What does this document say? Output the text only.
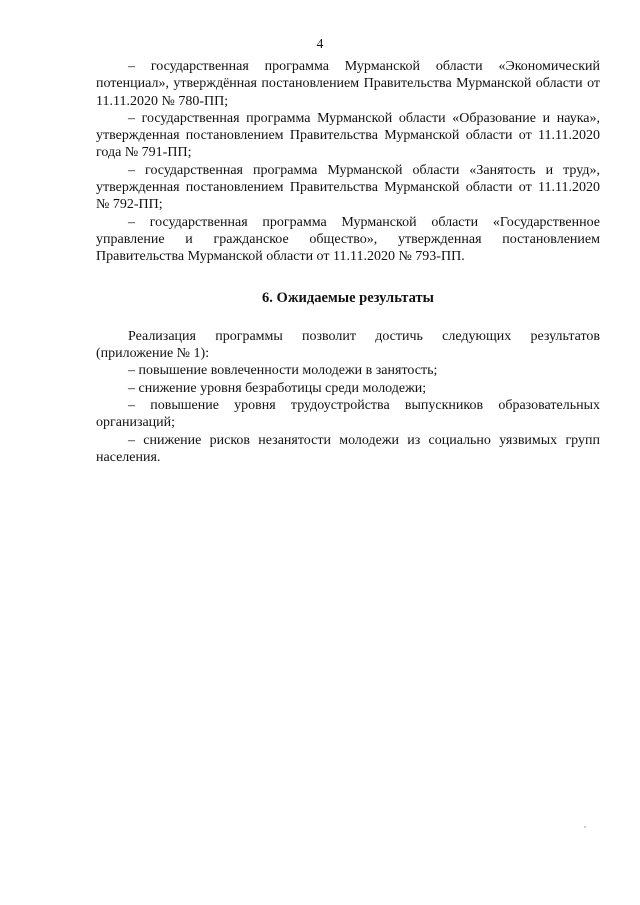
4

– государственная программа Мурманской области «Экономический потенциал», утверждённая постановлением Правительства Мурманской области от 11.11.2020 № 780-ПП;

– государственная программа Мурманской области «Образование и наука», утвержденная постановлением Правительства Мурманской области от 11.11.2020 года № 791-ПП;

– государственная программа Мурманской области «Занятость и труд», утвержденная постановлением Правительства Мурманской области от 11.11.2020 № 792-ПП;

– государственная программа Мурманской области «Государственное управление и гражданское общество», утвержденная постановлением Правительства Мурманской области от 11.11.2020 № 793-ПП.

6. Ожидаемые результаты

Реализация программы позволит достичь следующих результатов (приложение № 1):

– повышение вовлеченности молодежи в занятость;

– снижение уровня безработицы среди молодежи;

– повышение уровня трудоустройства выпускников образовательных организаций;

– снижение рисков незанятости молодежи из социально уязвимых групп населения.
